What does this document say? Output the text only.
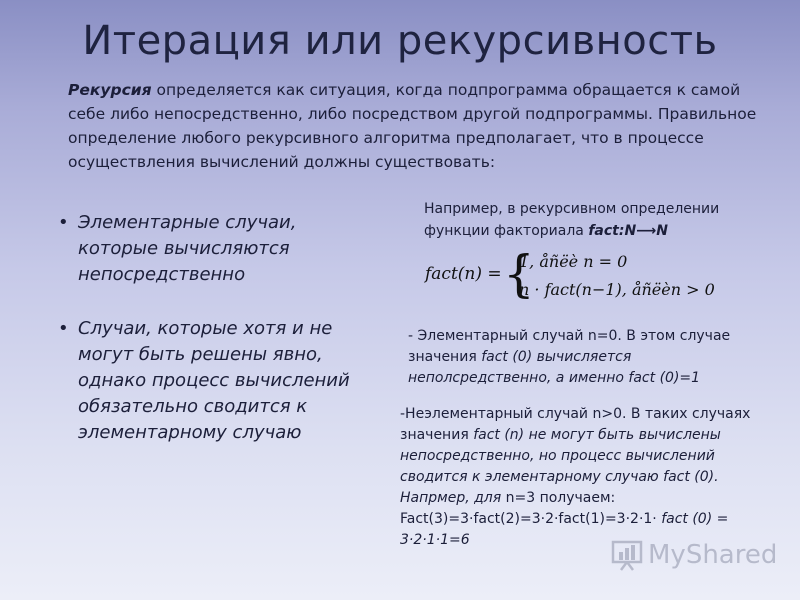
Итерация или рекурсивность
Рекурсия определяется как ситуация, когда подпрограмма обращается к самой себе либо непосредственно, либо посредством другой подпрограммы. Правильное определение любого рекурсивного алгоритма предполагает, что в процессе осуществления вычислений должны существовать:
• Элементарные случаи, которые вычисляются непосредственно
• Случаи, которые хотя и не могут быть решены явно, однако процесс вычислений обязательно сводится к элементарному случаю
Например, в рекурсивном определении функции факториала fact:N⟶N
fact(n) = {
1, åñëè n = 0
n · fact(n−1), åñëèn > 0
- Элементарный случай n=0. В этом случае значения fact (0) вычисляется неполсредственно, а именно fact (0)=1
-Неэлементарный случай n>0. В таких случаях значения fact (n) не могут быть вычислены непосредственно, но процесс вычислений сводится к элементарному случаю fact (0). Напрмер, для n=3 получаем: Fact(3)=3·fact(2)=3·2·fact(1)=3·2·1· fact (0) = 3·2·1·1=6	MyShared
